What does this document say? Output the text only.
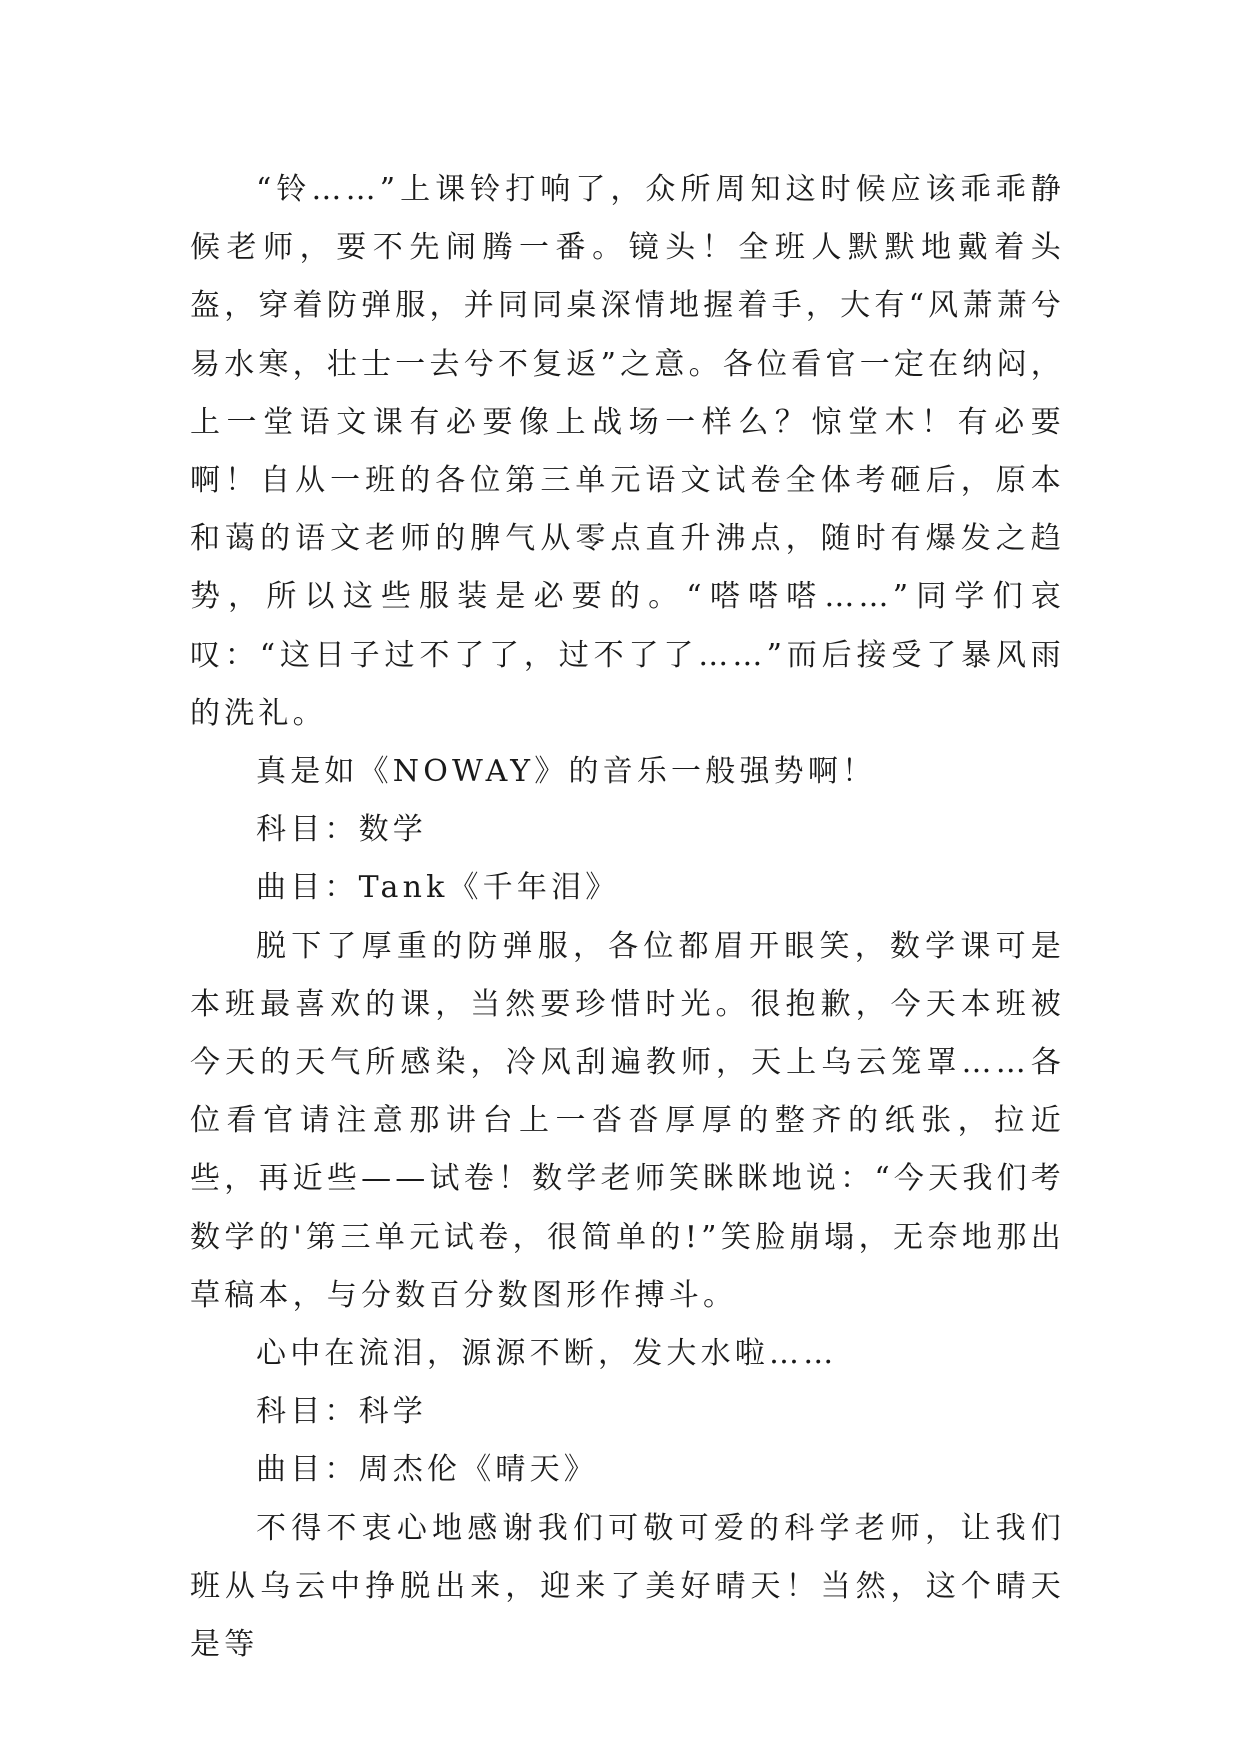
“铃……”上课铃打响了，众所周知这时候应该乖乖静候老师，要不先闹腾一番。镜头！全班人默默地戴着头盔，穿着防弹服，并同同桌深情地握着手，大有“风萧萧兮易水寒，壮士一去兮不复返”之意。各位看官一定在纳闷，上一堂语文课有必要像上战场一样么？惊堂木！有必要啊！自从一班的各位第三单元语文试卷全体考砸后，原本和蔼的语文老师的脾气从零点直升沸点，随时有爆发之趋势，所以这些服装是必要的。“嗒嗒嗒……”同学们哀叹：“这日子过不了了，过不了了……”而后接受了暴风雨的洗礼。

真是如《NOWAY》的音乐一般强势啊！

科目：数学

曲目：Tank《千年泪》

脱下了厚重的防弹服，各位都眉开眼笑，数学课可是本班最喜欢的课，当然要珍惜时光。很抱歉，今天本班被今天的天气所感染，冷风刮遍教师，天上乌云笼罩……各位看官请注意那讲台上一沓沓厚厚的整齐的纸张，拉近些，再近些——试卷！数学老师笑眯眯地说：“今天我们考数学的'第三单元试卷，很简单的!”笑脸崩塌，无奈地那出草稿本，与分数百分数图形作搏斗。

心中在流泪，源源不断，发大水啦……

科目：科学

曲目：周杰伦《晴天》

不得不衷心地感谢我们可敬可爱的科学老师，让我们班从乌云中挣脱出来，迎来了美好晴天！当然，这个晴天是等
